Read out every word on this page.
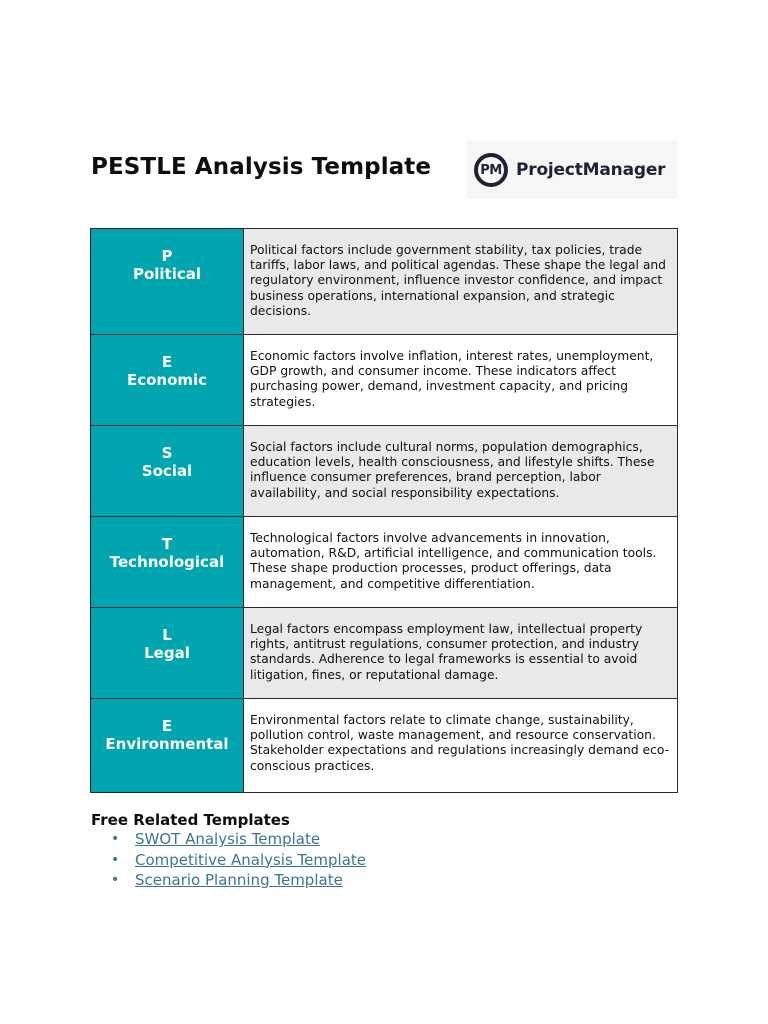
PESTLE Analysis Template	PM ProjectManager
P
Political	Political factors include government stability, tax policies, trade tariffs, labor laws, and political agendas. These shape the legal and regulatory environment, influence investor confidence, and impact business operations, international expansion, and strategic decisions.

E
Economic	Economic factors involve inflation, interest rates, unemployment, GDP growth, and consumer income. These indicators affect purchasing power, demand, investment capacity, and pricing strategies.

S
Social	Social factors include cultural norms, population demographics, education levels, health consciousness, and lifestyle shifts. These influence consumer preferences, brand perception, labor availability, and social responsibility expectations.

T
Technological	Technological factors involve advancements in innovation, automation, R&D, artificial intelligence, and communication tools. These shape production processes, product offerings, data management, and competitive differentiation.

L
Legal	Legal factors encompass employment law, intellectual property rights, antitrust regulations, consumer protection, and industry standards. Adherence to legal frameworks is essential to avoid litigation, fines, or reputational damage.

E
Environmental	Environmental factors relate to climate change, sustainability, pollution control, waste management, and resource conservation. Stakeholder expectations and regulations increasingly demand eco-conscious practices.
Free Related Templates
•	SWOT Analysis Template
•	Competitive Analysis Template
•	Scenario Planning Template
